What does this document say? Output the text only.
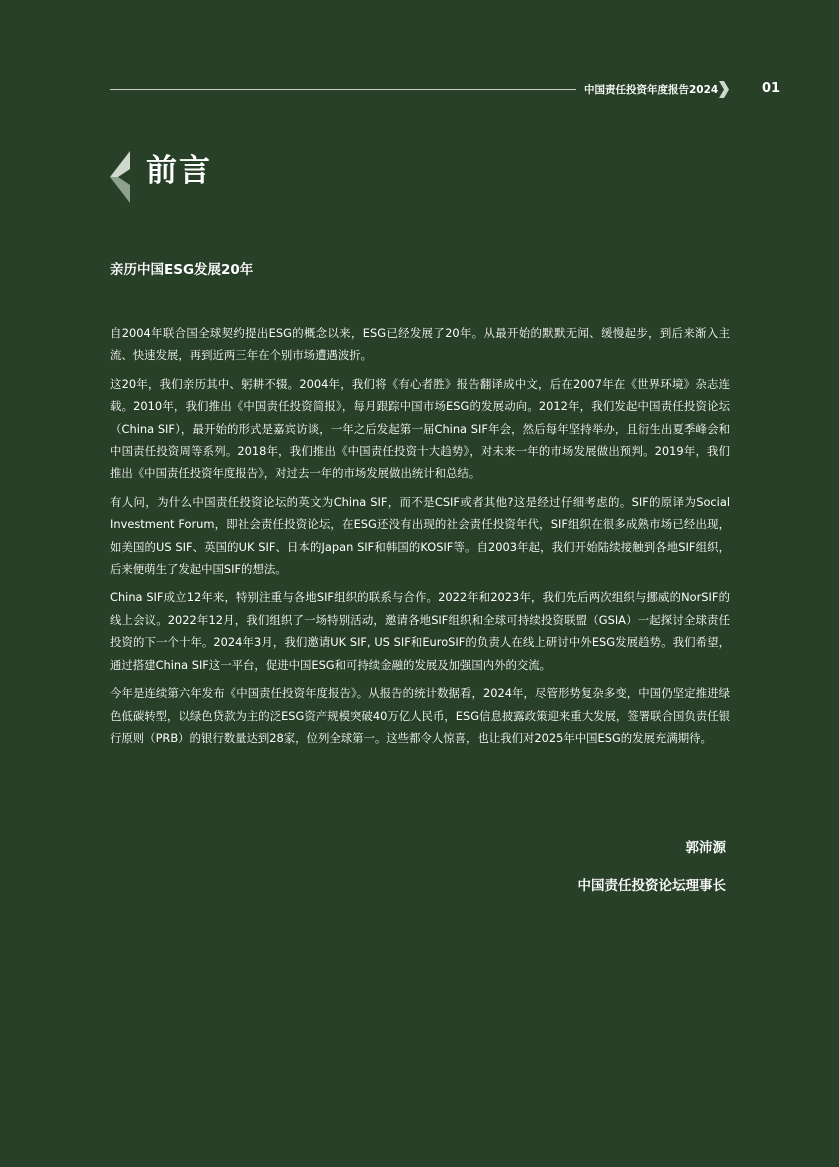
中国责任投资年度报告2024	01
前言
亲历中国ESG发展20年

自2004年联合国全球契约提出ESG的概念以来，ESG已经发展了20年。从最开始的默默无闻、缓慢起步，到后来渐入主流、快速发展，再到近两三年在个别市场遭遇波折。

这20年，我们亲历其中、躬耕不辍。2004年，我们将《有心者胜》报告翻译成中文，后在2007年在《世界环境》杂志连载。2010年，我们推出《中国责任投资简报》，每月跟踪中国市场ESG的发展动向。2012年，我们发起中国责任投资论坛（China SIF），最开始的形式是嘉宾访谈，一年之后发起第一届China SIF年会，然后每年坚持举办，且衍生出夏季峰会和中国责任投资周等系列。2018年，我们推出《中国责任投资十大趋势》，对未来一年的市场发展做出预判。2019年，我们推出《中国责任投资年度报告》，对过去一年的市场发展做出统计和总结。

有人问，为什么中国责任投资论坛的英文为China SIF，而不是CSIF或者其他?这是经过仔细考虑的。SIF的原译为Social Investment Forum，即社会责任投资论坛，在ESG还没有出现的社会责任投资年代，SIF组织在很多成熟市场已经出现，如美国的US SIF、英国的UK SIF、日本的Japan SIF和韩国的KOSIF等。自2003年起，我们开始陆续接触到各地SIF组织，后来便萌生了发起中国SIF的想法。

China SIF成立12年来，特别注重与各地SIF组织的联系与合作。2022年和2023年，我们先后两次组织与挪威的NorSIF的线上会议。2022年12月，我们组织了一场特别活动，邀请各地SIF组织和全球可持续投资联盟（GSIA）一起探讨全球责任投资的下一个十年。2024年3月，我们邀请UK SIF, US SIF和EuroSIF的负责人在线上研讨中外ESG发展趋势。我们希望，通过搭建China SIF这一平台，促进中国ESG和可持续金融的发展及加强国内外的交流。

今年是连续第六年发布《中国责任投资年度报告》。从报告的统计数据看，2024年，尽管形势复杂多变，中国仍坚定推进绿色低碳转型，以绿色贷款为主的泛ESG资产规模突破40万亿人民币，ESG信息披露政策迎来重大发展，签署联合国负责任银行原则（PRB）的银行数量达到28家，位列全球第一。这些都令人惊喜，也让我们对2025年中国ESG的发展充满期待。

郭沛源
中国责任投资论坛理事长
